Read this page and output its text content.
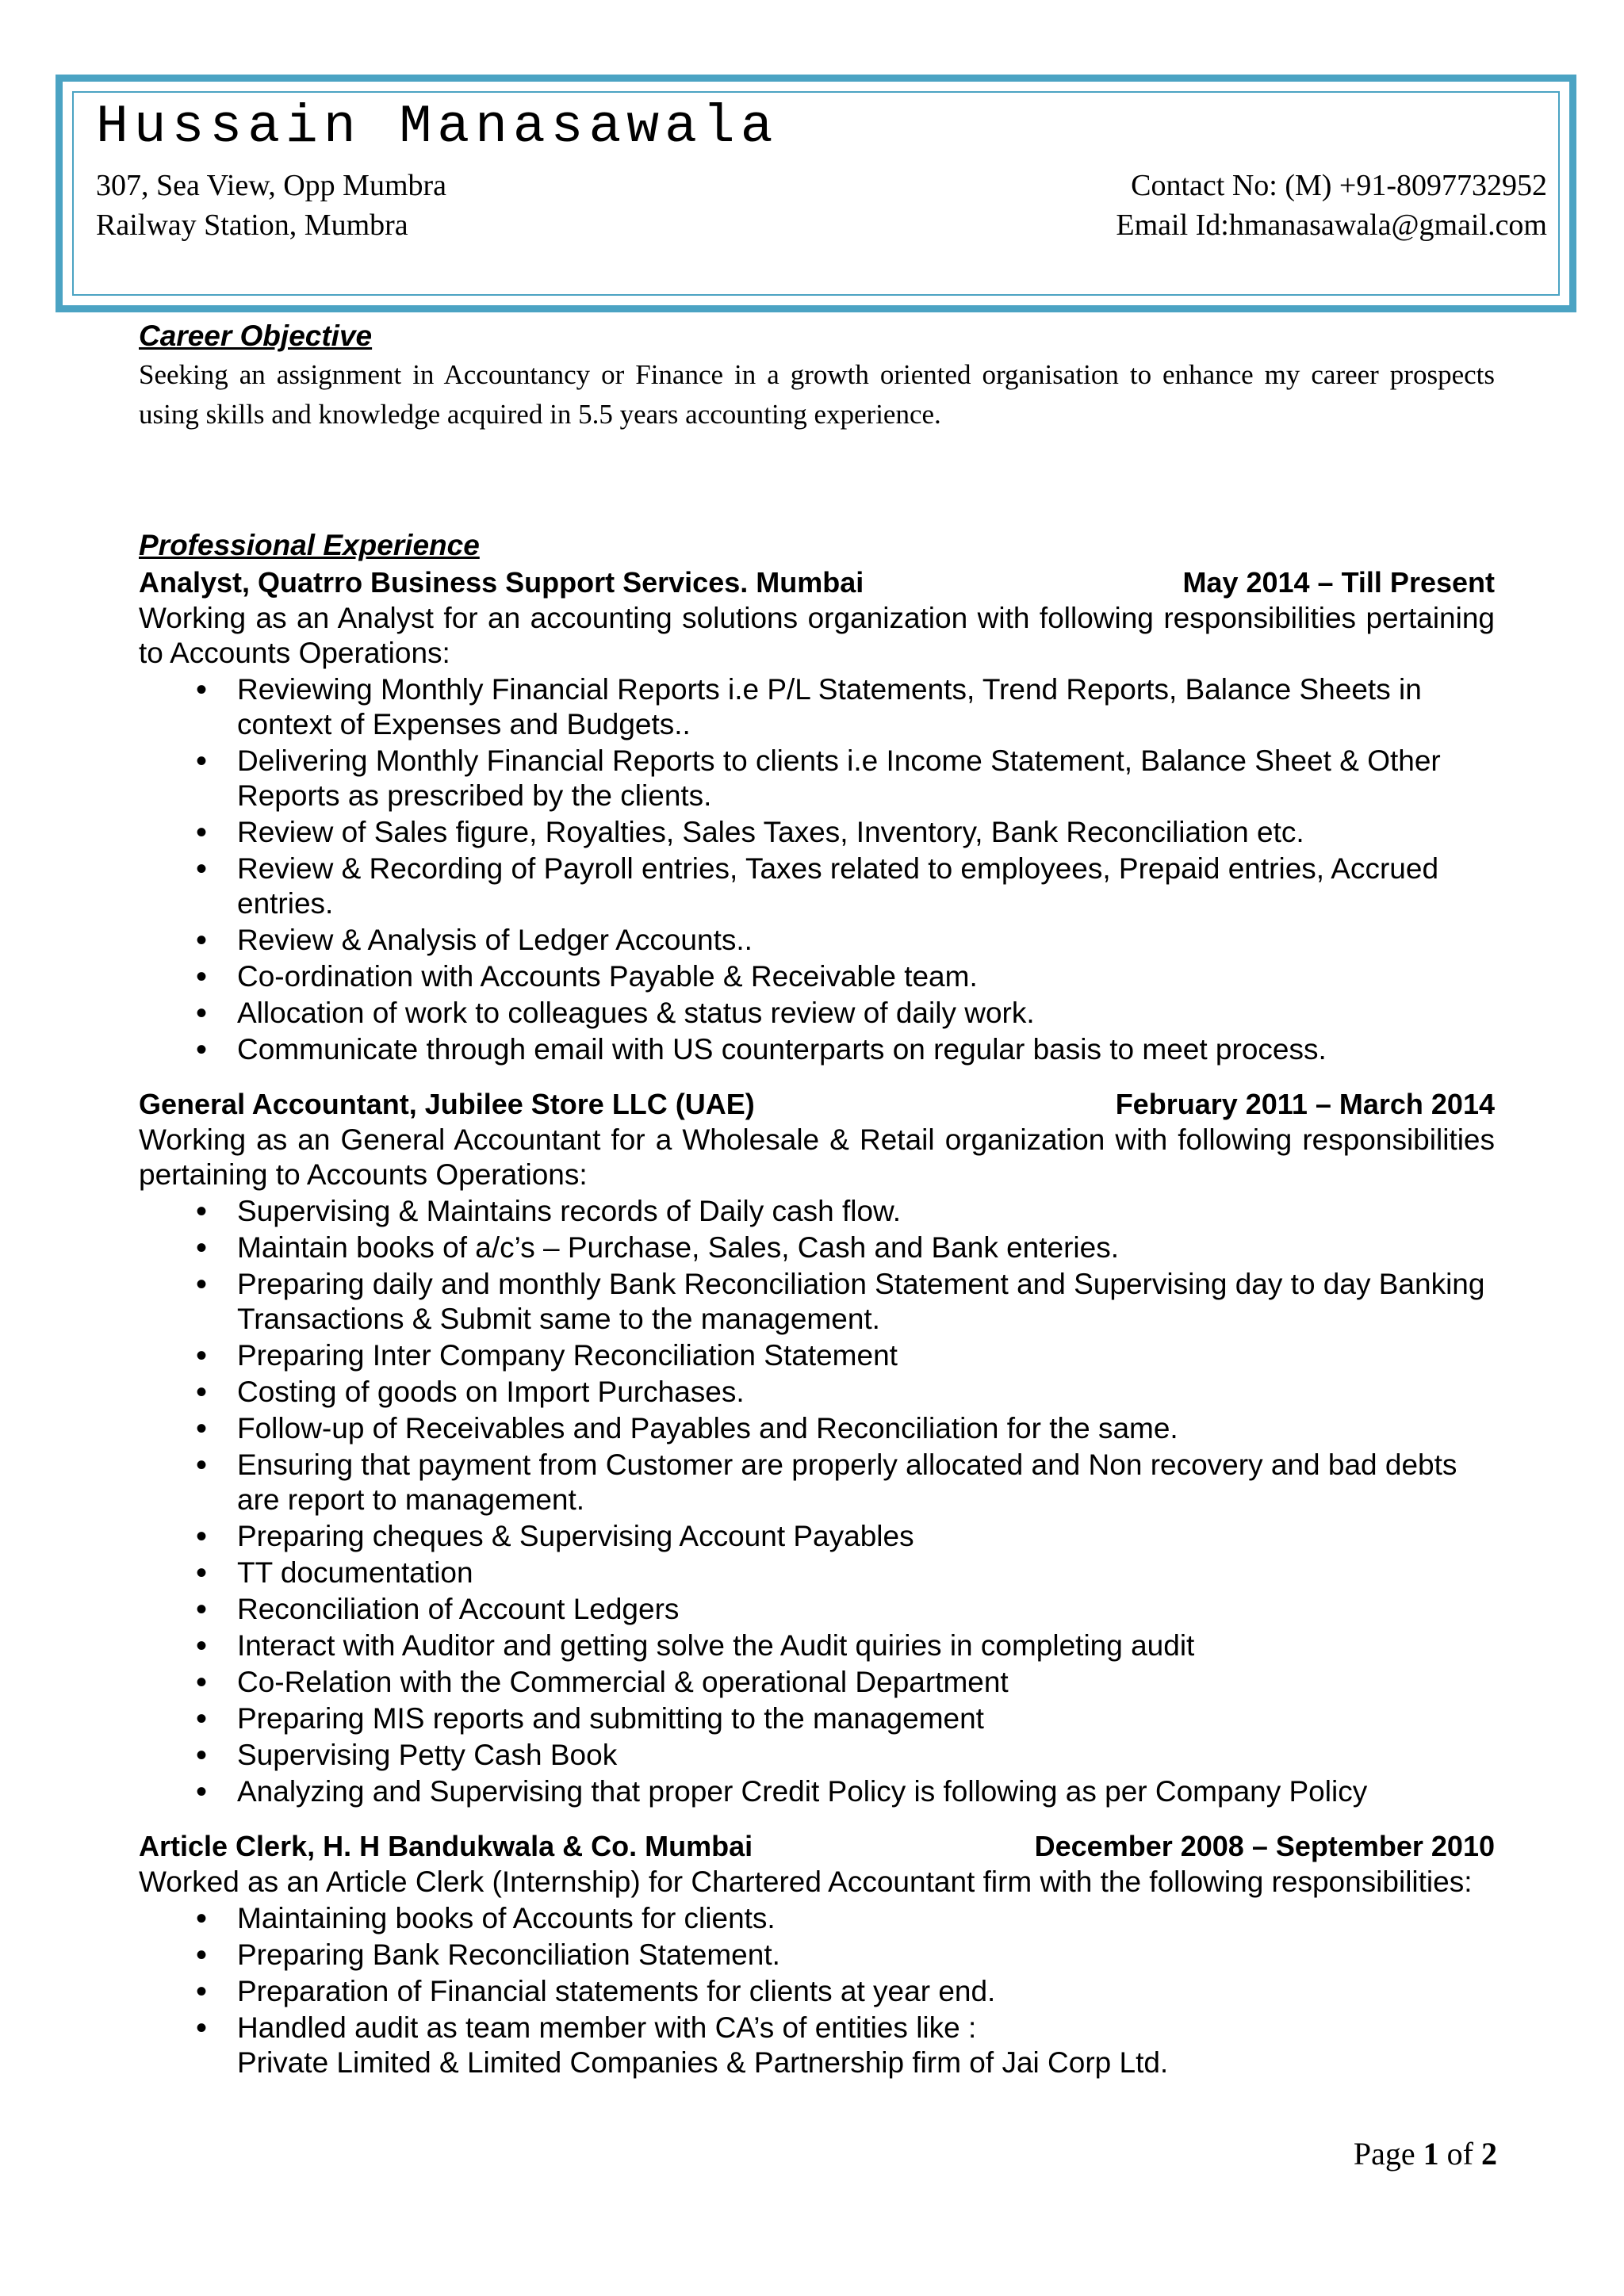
Hussain Manasawala
307, Sea View, Opp Mumbra
Railway Station, Mumbra
Contact No: (M) +91-8097732952
Email Id:hmanasawala@gmail.com
Career Objective
Seeking an assignment in Accountancy or Finance in a growth oriented organisation to enhance my career prospects using skills and knowledge acquired in 5.5 years accounting experience.
Professional Experience
Analyst, Quatrro Business Support Services. Mumbai	May 2014 – Till Present
Working as an Analyst for an accounting solutions organization with following responsibilities pertaining to Accounts Operations:
• Reviewing Monthly Financial Reports i.e P/L Statements, Trend Reports, Balance Sheets in context of Expenses and Budgets..
• Delivering Monthly Financial Reports to clients i.e Income Statement, Balance Sheet & Other Reports as prescribed by the clients.
• Review of Sales figure, Royalties, Sales Taxes, Inventory, Bank Reconciliation etc.
• Review & Recording of Payroll entries, Taxes related to employees, Prepaid entries, Accrued entries.
• Review & Analysis of Ledger Accounts..
• Co-ordination with Accounts Payable & Receivable team.
• Allocation of work to colleagues & status review of daily work.
• Communicate through email with US counterparts on regular basis to meet process.
General Accountant, Jubilee Store LLC (UAE)	February 2011 – March 2014
Working as an General Accountant for a Wholesale & Retail organization with following responsibilities pertaining to Accounts Operations:
• Supervising & Maintains records of Daily cash flow.
• Maintain books of a/c’s – Purchase, Sales, Cash and Bank enteries.
• Preparing daily and monthly Bank Reconciliation Statement and Supervising day to day Banking Transactions & Submit same to the management.
• Preparing Inter Company Reconciliation Statement
• Costing of goods on Import Purchases.
• Follow-up of Receivables and Payables and Reconciliation for the same.
• Ensuring that payment from Customer are properly allocated and Non recovery and bad debts are report to management.
• Preparing cheques & Supervising Account Payables
• TT documentation
• Reconciliation of Account Ledgers
• Interact with Auditor and getting solve the Audit quiries in completing audit
• Co-Relation with the Commercial & operational Department
• Preparing MIS reports and submitting to the management
• Supervising Petty Cash Book
• Analyzing and Supervising that proper Credit Policy is following as per Company Policy
Article Clerk, H. H Bandukwala & Co. Mumbai	December 2008 – September 2010
Worked as an Article Clerk (Internship) for Chartered Accountant firm with the following responsibilities:
• Maintaining books of Accounts for clients.
• Preparing Bank Reconciliation Statement.
• Preparation of Financial statements for clients at year end.
• Handled audit as team member with CA’s of entities like :
Private Limited & Limited Companies & Partnership firm of Jai Corp Ltd.
Page 1 of 2
